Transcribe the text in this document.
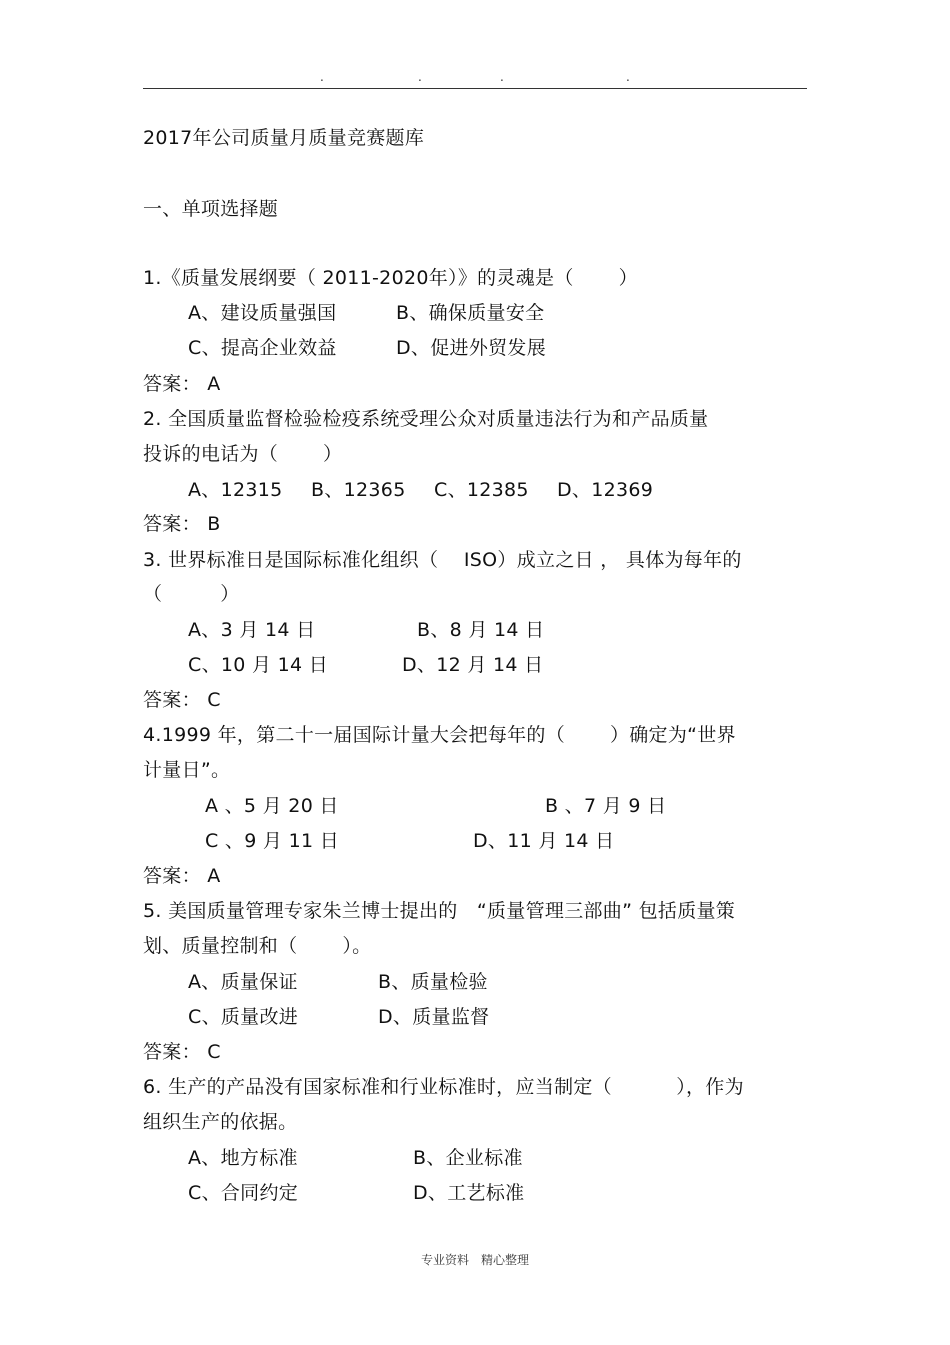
.	.	.	.
2017年公司质量月质量竞赛题库
一、单项选择题
1.《质量发展纲要（ 2011-2020年）》的灵魂是（　　 ）
A、建设质量强国	B、确保质量安全
C、提高企业效益	D、促进外贸发展
答案： A
2. 全国质量监督检验检疫系统受理公众对质量违法行为和产品质量
投诉的电话为（　　 ）
A、12315 B、12365 C、12385 D、12369
答案： B
3. 世界标准日是国际标准化组织（　 ISO）成立之日 ， 具体为每年的
（　　　）
A、3 月 14 日	B、8 月 14 日
C、10 月 14 日	D、12 月 14 日
答案： C
4.1999 年，第二十一届国际计量大会把每年的（　　 ）确定为“世界
计量日”。
A 、5 月 20 日	B 、7 月 9 日
C 、9 月 11 日	D、11 月 14 日
答案： A
5. 美国质量管理专家朱兰博士提出的　“质量管理三部曲” 包括质量策
划、质量控制和（　　 ）。
A、质量保证	B、质量检验
C、质量改进	D、质量监督
答案： C
6. 生产的产品没有国家标准和行业标准时，应当制定（　　　 ），作为
组织生产的依据。
A、地方标准	B、企业标准
C、合同约定	D、工艺标准
专业资料　精心整理
